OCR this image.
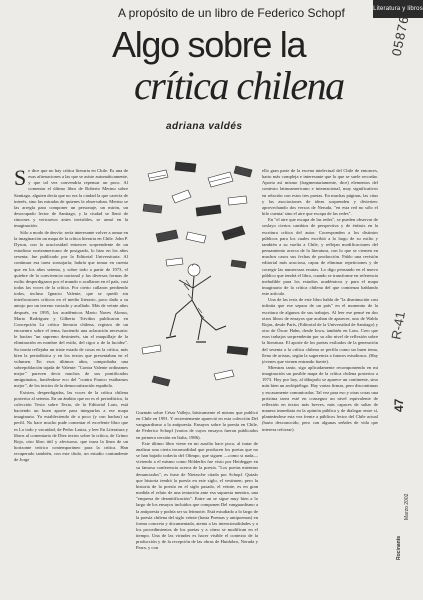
Literatura y libros
05876
A propósito de un libro de Federico Schopf
Algo sobre la
crítica chilena
adriana valdés

Se dice que no hay crítica literaria en Chile. Es una de esas afirmaciones a las que se asiste automáticamente, y que tal vez convendría repensar un poco. Al comentar el último libro de Roberto Merino sobre Santiago, alguien decía que no era la ciudad la que carecía de interés, sino las miradas de quienes la observaban. Merino se las arregla para componer un personaje, un mirón, un desocupado lector de Santiago, y la ciudad se llenó de rincones y vericuetos antes invisibles, se armó en la imaginación.

Sólo a modo de desvío: sería interesante volver a armar en la imaginación un mapa de la crítica literaria en Chile. John P. Dyson, con la acuciosidad entonces sorprendente de un estudioso norteamericano de postgrado, lo hizo en los años sesenta; fue publicado por la Editorial Universitaria. Al continuar esa tarea sonsojaría; habría que tomar en cuenta que en los años setenta, y sobre todo a partir de 1973, el quiebre de la convivencia nacional y las diversas formas de exilio desperdigaron por el mundo o acallaron en el país, casi todas las voces de la crítica. Por cierto callaron perdiendo todos, incluso Ignacio Valente, que se quedó sin interlocutores críticos en el medio literario, poco dado a su antojo por un terreno vaciado y acallado. Más de veinte años después, en 1995, los académicos Mario Naves Alonso, Mario Rodríguez y Gilberto Triviños publicaron en Concepción La crítica literaria chilena, registro de un encuentro sobre el tema, haciendo una aclaración necesaria: le hacían "un supremo desinterés, sin el maquillaje de la eliminación en nombre del estilo, del rigor o de la lucidez". Su ironía reflejaba un triste estado de cosas en la crítica, más bien la periodística y en los textos que presentaban en el volumen. En esos últimos años, comprobaba una sobrepoblación tajada de Valente: "Contra Valente ordinames mejor" parecen decir muchos de sus pontificados amiguinatos, hacíéndose eco del "contra Franco estábamos mejor", de los inicios de la democratización española.

Existen, desperdigadas, las voces de la crítica chilena posterior al setenta. En un ámbito que no es el periodístico, la colección Texto sobre Texto, de la Editorial Lom, está haciendo un buen aporte para integrarlas a ese mapa imaginario. Ya estableciendo de a poco (y con hachas) su perfil. No hace mucho pude comentar el excelente libro que es Lo todo y vacuidad, de Pedro Lastra, y leer En Literatura y libros al comentario de Diez textos sobre la crítica, de Grínor Rojo, otro libro útil y afectuoso, que traza la línea de un horizonte teórico contemporáneo para la crítica. Han recuperado también, con este título, un estudio contundente de Jorge

Guzmán sobre César Vallejo, básicamente el mismo que publicó en Chile en 1991. Y recientemente apareció en esta colección Del vanguardismo a la antipoesía. Ensayos sobre la poesía en Chile, de Federico Schopf (varios de cuyos ensayos fueron publicados en primera versión en Italia, 1986).

Este último libro viene en mi auxilio hace poco, al tratar de analizar una cierta incomodidad que producen los poetas que no se han bajado todavía del Olimpo, que siguen —como si nada— viviendo a el mismo como Hölderlin fue visto por Heidegger en su famosa conferencia acerca de la poesía. "Los poetas mientras denunciados", es frase de Nietzsche citada por Schopf. Quizás que historia tendrá la poesía en este siglo, el vestimen; pero la historia de la poesía en el siglo pasado, el veinte, es en gran medida el relato de una tentación ante esa supuesta mentira, una "empresa de desmitificación". Entre un se sigue muy bien a lo largo de los ensayos incluidos que componen Del vanguardismo a la antipoesía y podría ser su leitmotiv. Está estudiado a lo largo de la poesía chilena del siglo veinte (hasta Poemas y antipoemas) en forma concreta y documentada, atenta a las intencionalidades y a los procedimientos de los poetas y a cómo se modifican en el tiempo. Una de las virtudes es hacer visible el contexto de la producción y de la recepción de las obras de Huidobro, Neruda y Parra, y con

ello gran parte de la escena intelectual del Chile de entonces, harto más compleja e interesante que lo que se suele recordar. Aporta así mismo (fragmentariamente, dice) elementos del contexto latinoamericano e internacional, muy significativos en relación con estos tres poetas. En muchas páginas, las citas y las asociaciones de ideas sorprenden y divierten: aprovechando dos versos de Neruda, "en esta red no sólo el hilo cuenta/ sino el aire que escapa de las redes".

En "el aire que escapa de las redes", se pueden observar de soslayo ciertos cambios de perspectiva y de énfasis en la escritura crítica del autor. Corresponden a los distintos públicos para los cuales escribió a lo largo de su exilio y también a su vuelta a Chile, y reflejan modificaciones del pensamiento acerca de la literatura, con lo que se ciernen en muchos casos sus fechas de producción. Pablo una revisión editorial más acuciosa, capaz de eliminar repeticiones y de corregir las numerosas erratas. Lo digo pensando en el nuevo público que tendrá el libro, cuando se transforme en referencia ineludible para los estudios académicos y para el mapa imaginario de la crítica chilena del que comienza hablando este artículo.

Una de las tesis de este libro habla de "la disminución casi infinita que ese separa de un país" en el momento de la escritura de algunos de sus trabajos. Al leer ese pensé en dos otros libros de ensayos que acaban de aparecer, uno de Waldo Rojas, desde París, (Editorial de la Universidad de Santiago) y otro de Óscar Hahn, desde Iowa, también en Lom. Creo que esos trabajos sorprenderán por su alto nivel de reflexión sobre la literatura. El aporte de los poetas exiliados de la generación del sesenta a la crítica chilena se perfila como un buen tema, lleno de aristas, según la sugerencia a futuros estudiosos. (Hay jóvenes que vienen entrando fuerte).

Mientras tanto, sigo aplicadamente recomponiendo en mi imaginación un posible mapa de la crítica chilena posterior a 1973. Hoy por hoy, al dibujarlo se aparece un continente, sino más bien un archipiélago. Hay varias firmas, pero discontinuas y escasamente comunicadas. Tal vez para eso y otras cosas una próxima tarea esté en conseguir un nivel equivalente de reflexión en textos más breves, más capaces de saltar de manera inmediata en la opinión pública y de dialogar entre sí, planteándose esta vez frente a públicos lector del Chile actual (harto desconocido, pero con algunas señales de vida que interesa reforzar).

R-41
47
Marzo 2002
Rocinante
